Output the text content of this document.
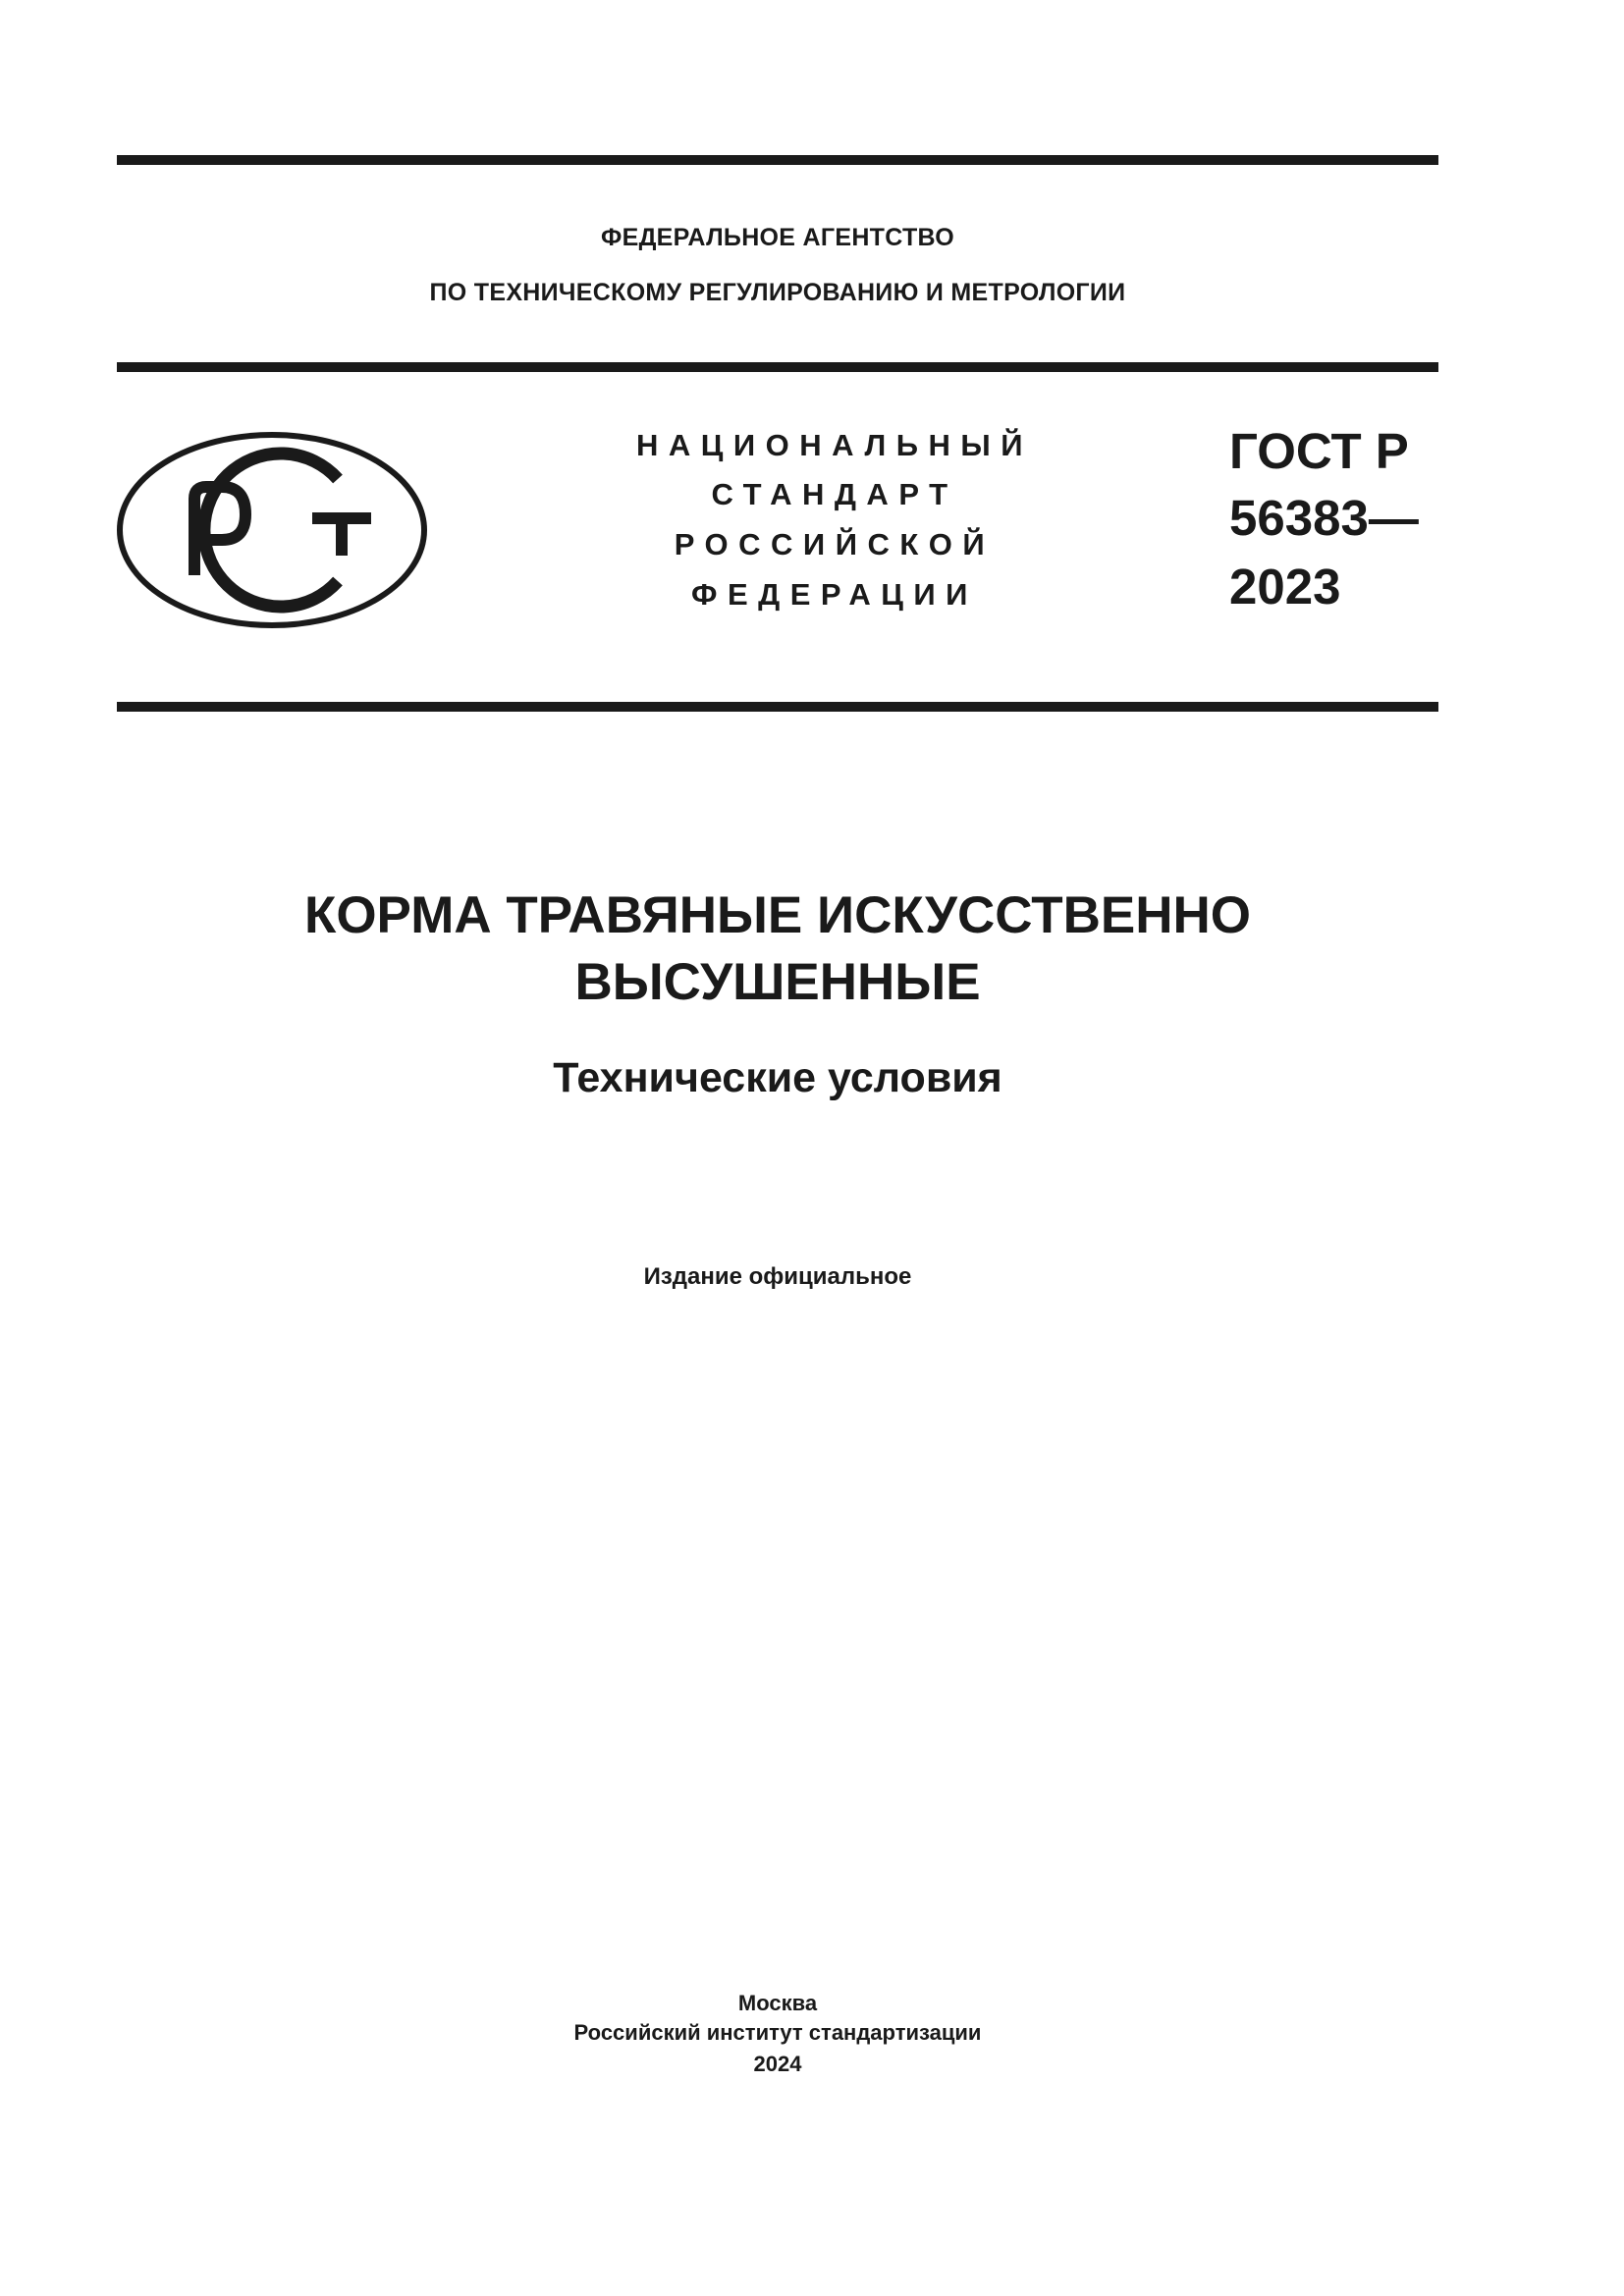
ФЕДЕРАЛЬНОЕ АГЕНТСТВО
ПО ТЕХНИЧЕСКОМУ РЕГУЛИРОВАНИЮ И МЕТРОЛОГИИ
НАЦИОНАЛЬНЫЙ
СТАНДАРТ
РОССИЙСКОЙ
ФЕДЕРАЦИИ
ГОСТ Р
56383—
2023
КОРМА ТРАВЯНЫЕ ИСКУССТВЕННО
ВЫСУШЕННЫЕ
Технические условия
Издание официальное
Москва
Российский институт стандартизации
2024
